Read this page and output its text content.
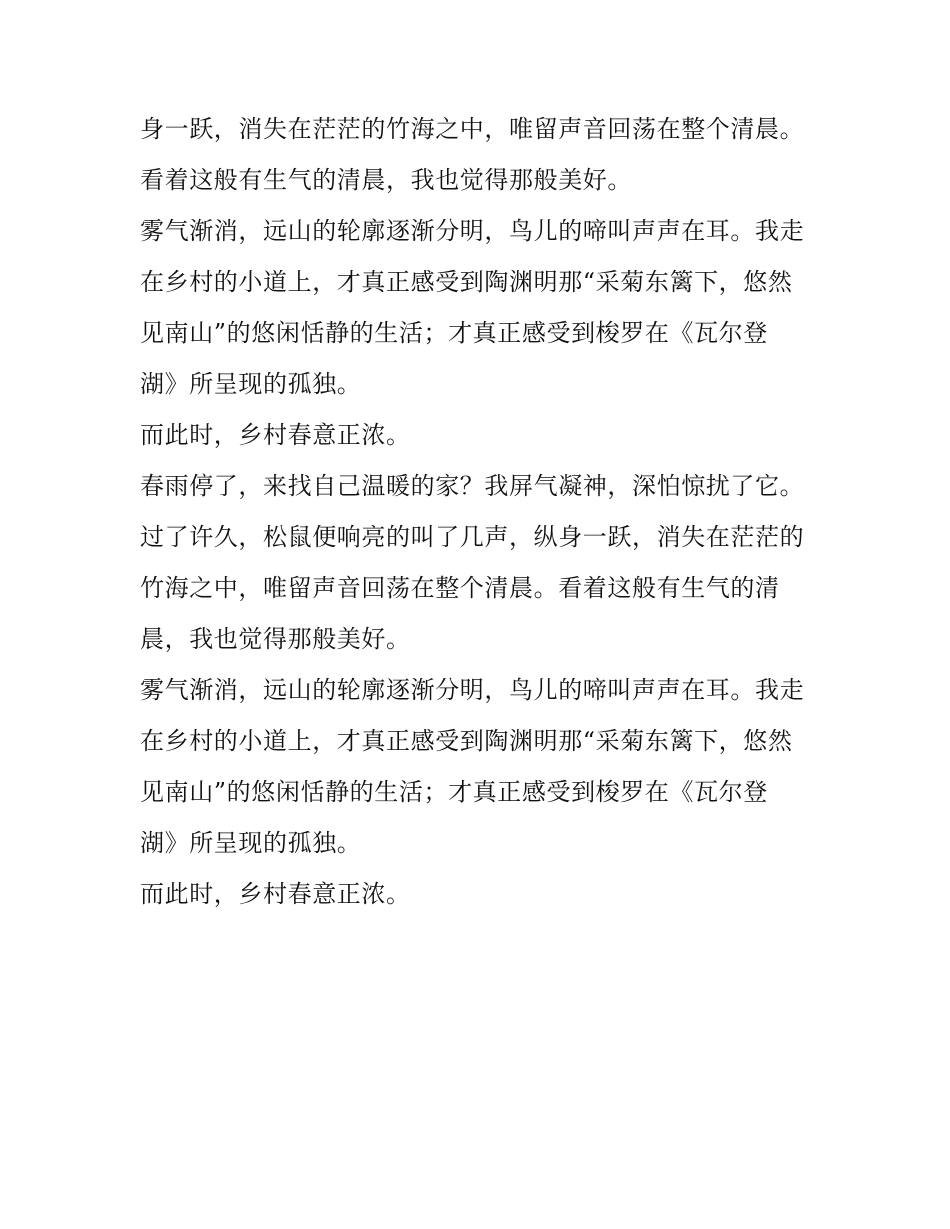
身一跃，消失在茫茫的竹海之中，唯留声音回荡在整个清晨。
看着这般有生气的清晨，我也觉得那般美好。

雾气渐消，远山的轮廓逐渐分明，鸟儿的啼叫声声在耳。我走
在乡村的小道上，才真正感受到陶渊明那“采菊东篱下，悠然
见南山”的悠闲恬静的生活；才真正感受到梭罗在《瓦尔登
湖》所呈现的孤独。

而此时，乡村春意正浓。

春雨停了，来找自己温暖的家？我屏气凝神，深怕惊扰了它。
过了许久，松鼠便响亮的叫了几声，纵身一跃，消失在茫茫的
竹海之中，唯留声音回荡在整个清晨。看着这般有生气的清
晨，我也觉得那般美好。

雾气渐消，远山的轮廓逐渐分明，鸟儿的啼叫声声在耳。我走
在乡村的小道上，才真正感受到陶渊明那“采菊东篱下，悠然
见南山”的悠闲恬静的生活；才真正感受到梭罗在《瓦尔登
湖》所呈现的孤独。

而此时，乡村春意正浓。
